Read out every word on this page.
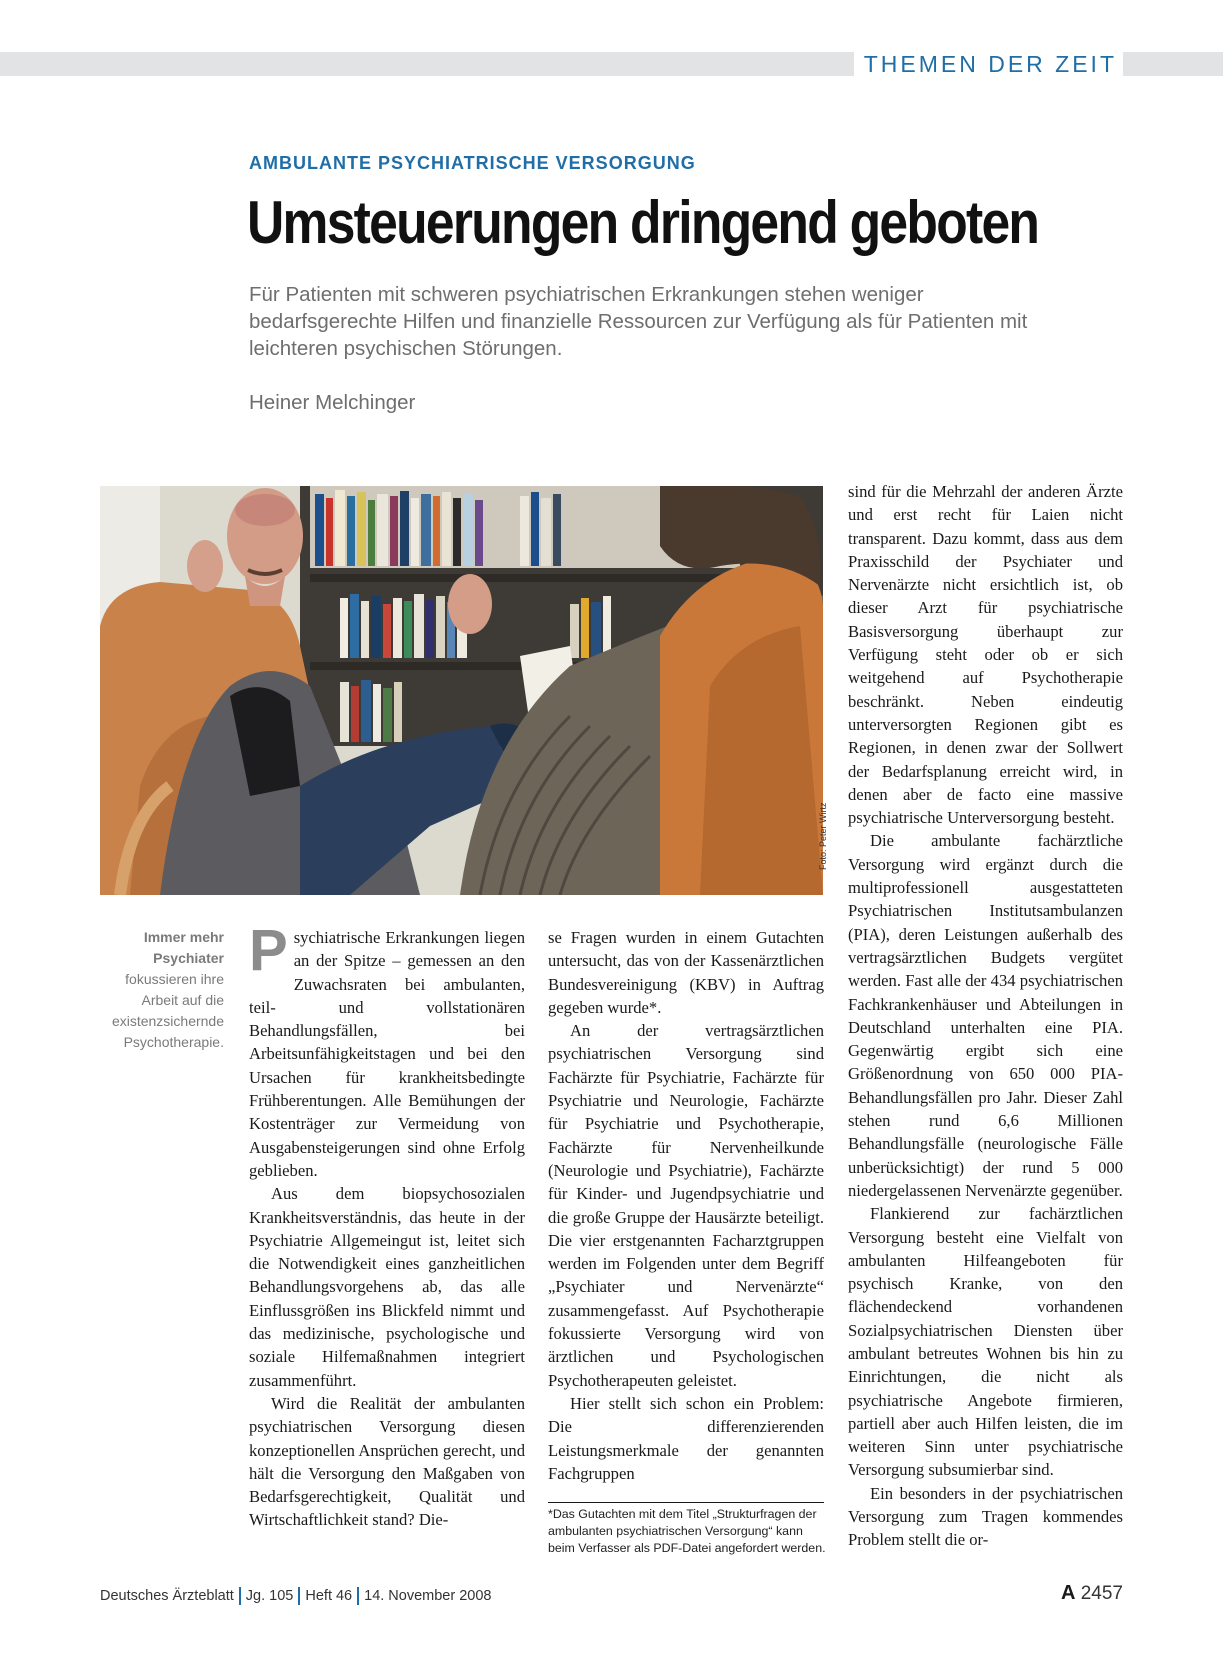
THEMEN DER ZEIT
AMBULANTE PSYCHIATRISCHE VERSORGUNG
Umsteuerungen dringend geboten
Für Patienten mit schweren psychiatrischen Erkrankungen stehen weniger bedarfsgerechte Hilfen und finanzielle Ressourcen zur Verfügung als für Patienten mit leichteren psychischen Störungen.
Heiner Melchinger
Foto: Peter Wirtz
Immer mehr Psychiater fokussieren ihre Arbeit auf die existenzsichernde Psychotherapie.

Psychiatrische Erkrankungen liegen an der Spitze – gemessen an den Zuwachsraten bei ambulanten, teil- und vollstationären Behandlungsfällen, bei Arbeitsunfähigkeitstagen und bei den Ursachen für krankheitsbedingte Frühberentungen. Alle Bemühungen der Kostenträger zur Vermeidung von Ausgabensteigerungen sind ohne Erfolg geblieben.

Aus dem biopsychosozialen Krankheitsverständnis, das heute in der Psychiatrie Allgemeingut ist, leitet sich die Notwendigkeit eines ganzheitlichen Behandlungsvorgehens ab, das alle Einflussgrößen ins Blickfeld nimmt und das medizinische, psychologische und soziale Hilfemaßnahmen integriert zusammenführt.

Wird die Realität der ambulanten psychiatrischen Versorgung diesen konzeptionellen Ansprüchen gerecht, und hält die Versorgung den Maßgaben von Bedarfsgerechtigkeit, Qualität und Wirtschaftlichkeit stand? Die-

se Fragen wurden in einem Gutachten untersucht, das von der Kassenärztlichen Bundesvereinigung (KBV) in Auftrag gegeben wurde*.

An der vertragsärztlichen psychiatrischen Versorgung sind Fachärzte für Psychiatrie, Fachärzte für Psychiatrie und Neurologie, Fachärzte für Psychiatrie und Psychotherapie, Fachärzte für Nervenheilkunde (Neurologie und Psychiatrie), Fachärzte für Kinder- und Jugendpsychiatrie und die große Gruppe der Hausärzte beteiligt. Die vier erstgenannten Facharztgruppen werden im Folgenden unter dem Begriff „Psychiater und Nervenärzte“ zusammengefasst. Auf Psychotherapie fokussierte Versorgung wird von ärztlichen und Psychologischen Psychotherapeuten geleistet.

Hier stellt sich schon ein Problem: Die differenzierenden Leistungsmerkmale der genannten Fachgruppen

*Das Gutachten mit dem Titel „Strukturfragen der ambulanten psychiatrischen Versorgung“ kann beim Verfasser als PDF-Datei angefordert werden.

sind für die Mehrzahl der anderen Ärzte und erst recht für Laien nicht transparent. Dazu kommt, dass aus dem Praxisschild der Psychiater und Nervenärzte nicht ersichtlich ist, ob dieser Arzt für psychiatrische Basisversorgung überhaupt zur Verfügung steht oder ob er sich weitgehend auf Psychotherapie beschränkt. Neben eindeutig unterversorgten Regionen gibt es Regionen, in denen zwar der Sollwert der Bedarfsplanung erreicht wird, in denen aber de facto eine massive psychiatrische Unterversorgung besteht.

Die ambulante fachärztliche Versorgung wird ergänzt durch die multiprofessionell ausgestatteten Psychiatrischen Institutsambulanzen (PIA), deren Leistungen außerhalb des vertragsärztlichen Budgets vergütet werden. Fast alle der 434 psychiatrischen Fachkrankenhäuser und Abteilungen in Deutschland unterhalten eine PIA. Gegenwärtig ergibt sich eine Größenordnung von 650 000 PIA-Behandlungsfällen pro Jahr. Dieser Zahl stehen rund 6,6 Millionen Behandlungsfälle (neurologische Fälle unberücksichtigt) der rund 5 000 niedergelassenen Nervenärzte gegenüber.

Flankierend zur fachärztlichen Versorgung besteht eine Vielfalt von ambulanten Hilfeangeboten für psychisch Kranke, von den flächendeckend vorhandenen Sozialpsychiatrischen Diensten über ambulant betreutes Wohnen bis hin zu Einrichtungen, die nicht als psychiatrische Angebote firmieren, partiell aber auch Hilfen leisten, die im weiteren Sinn unter psychiatrische Versorgung subsumierbar sind.

Ein besonders in der psychiatrischen Versorgung zum Tragen kommendes Problem stellt die or-

Deutsches Ärzteblatt Jg. 105 Heft 46 14. November 2008	A 2457
